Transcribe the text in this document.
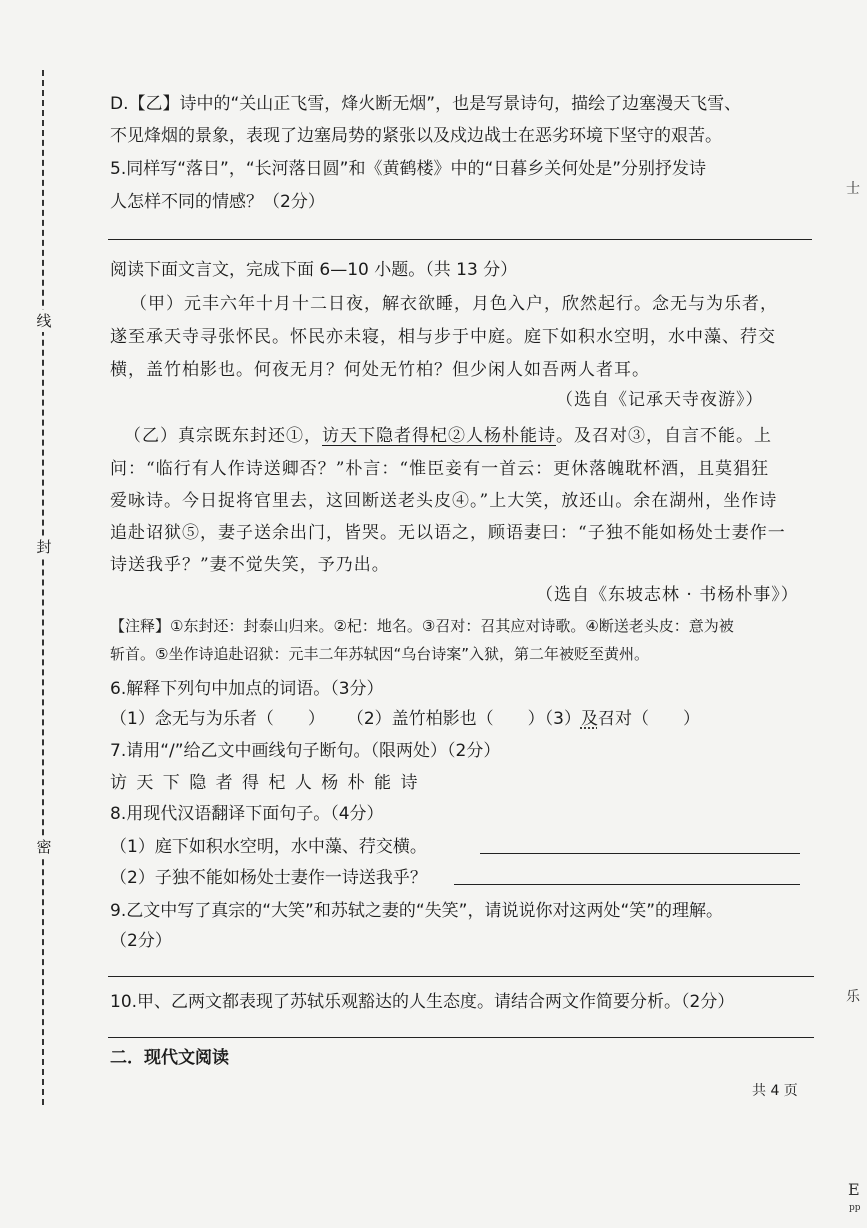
线
封
密
D.【乙】诗中的“关山正飞雪，烽火断无烟”，也是写景诗句，描绘了边塞漫天飞雪、
不见烽烟的景象，表现了边塞局势的紧张以及戍边战士在恶劣环境下坚守的艰苦。
5.同样写“落日”，“长河落日圆”和《黄鹤楼》中的“日暮乡关何处是”分别抒发诗
人怎样不同的情感？（2分）
阅读下面文言文，完成下面 6—10 小题。（共 13 分）
（甲）元丰六年十月十二日夜，解衣欲睡，月色入户，欣然起行。念无与为乐者，
遂至承天寺寻张怀民。怀民亦未寝，相与步于中庭。庭下如积水空明，水中藻、荇交
横，盖竹柏影也。何夜无月？何处无竹柏？但少闲人如吾两人者耳。
（选自《记承天寺夜游》）
（乙）真宗既东封还①，访天下隐者得杞②人杨朴能诗。及召对③，自言不能。上
问：“临行有人作诗送卿否？”朴言：“惟臣妾有一首云：更休落魄耽杯酒，且莫猖狂
爱咏诗。今日捉将官里去，这回断送老头皮④。”上大笑，放还山。余在湖州，坐作诗
追赴诏狱⑤，妻子送余出门，皆哭。无以语之，顾语妻曰：“子独不能如杨处士妻作一
诗送我乎？”妻不觉失笑，予乃出。
（选自《东坡志林 · 书杨朴事》）
【注释】①东封还：封泰山归来。②杞：地名。③召对：召其应对诗歌。④断送老头皮：意为被
斩首。⑤坐作诗追赴诏狱：元丰二年苏轼因“乌台诗案”入狱，第二年被贬至黄州。
6.解释下列句中加点的词语。（3分）
（1）念无与为乐者（ ） （2）盖竹柏影也（ ）（3）及召对（ ）
7.请用“/”给乙文中画线句子断句。（限两处）（2分）
访 天 下 隐 者 得 杞 人 杨 朴 能 诗
8.用现代汉语翻译下面句子。（4分）
（1）庭下如积水空明，水中藻、荇交横。
（2）子独不能如杨处士妻作一诗送我乎？
9.乙文中写了真宗的“大笑”和苏轼之妻的“失笑”，请说说你对这两处“笑”的理解。
（2分）
10.甲、乙两文都表现了苏轼乐观豁达的人生态度。请结合两文作简要分析。（2分）
二．现代文阅读
共 4 页
士
乐
E
pp
